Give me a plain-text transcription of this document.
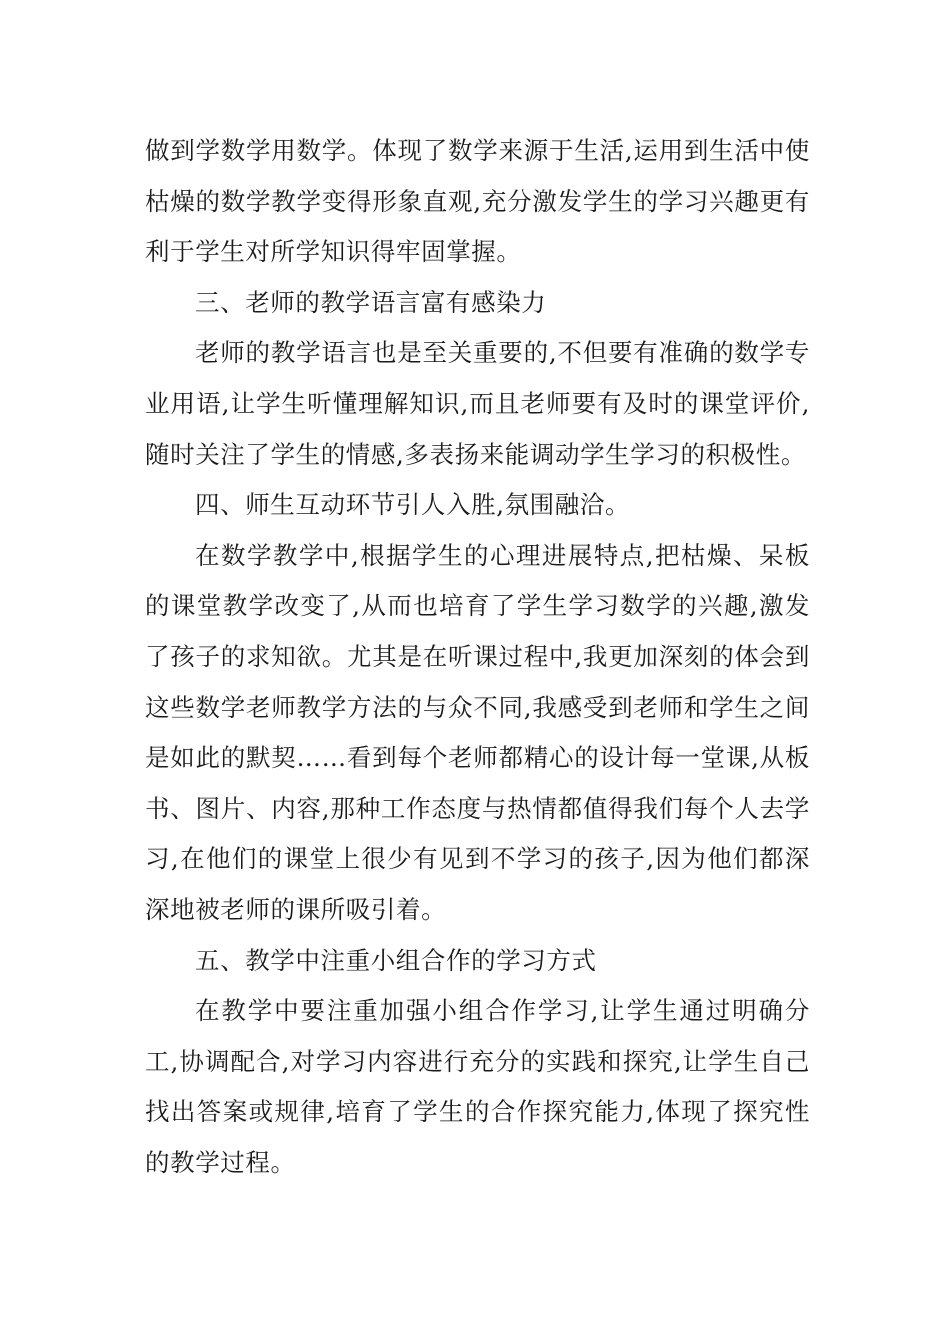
做到学数学用数学。体现了数学来源于生活,运用到生活中使枯燥的数学教学变得形象直观,充分激发学生的学习兴趣更有利于学生对所学知识得牢固掌握。

三、老师的教学语言富有感染力

老师的教学语言也是至关重要的,不但要有准确的数学专业用语,让学生听懂理解知识,而且老师要有及时的课堂评价,随时关注了学生的情感,多表扬来能调动学生学习的积极性。

四、师生互动环节引人入胜,氛围融洽。

在数学教学中,根据学生的心理进展特点,把枯燥、呆板的课堂教学改变了,从而也培育了学生学习数学的兴趣,激发了孩子的求知欲。尤其是在听课过程中,我更加深刻的体会到这些数学老师教学方法的与众不同,我感受到老师和学生之间是如此的默契……看到每个老师都精心的设计每一堂课,从板书、图片、内容,那种工作态度与热情都值得我们每个人去学习,在他们的课堂上很少有见到不学习的孩子,因为他们都深深地被老师的课所吸引着。

五、教学中注重小组合作的学习方式

在教学中要注重加强小组合作学习,让学生通过明确分工,协调配合,对学习内容进行充分的实践和探究,让学生自己找出答案或规律,培育了学生的合作探究能力,体现了探究性的教学过程。
